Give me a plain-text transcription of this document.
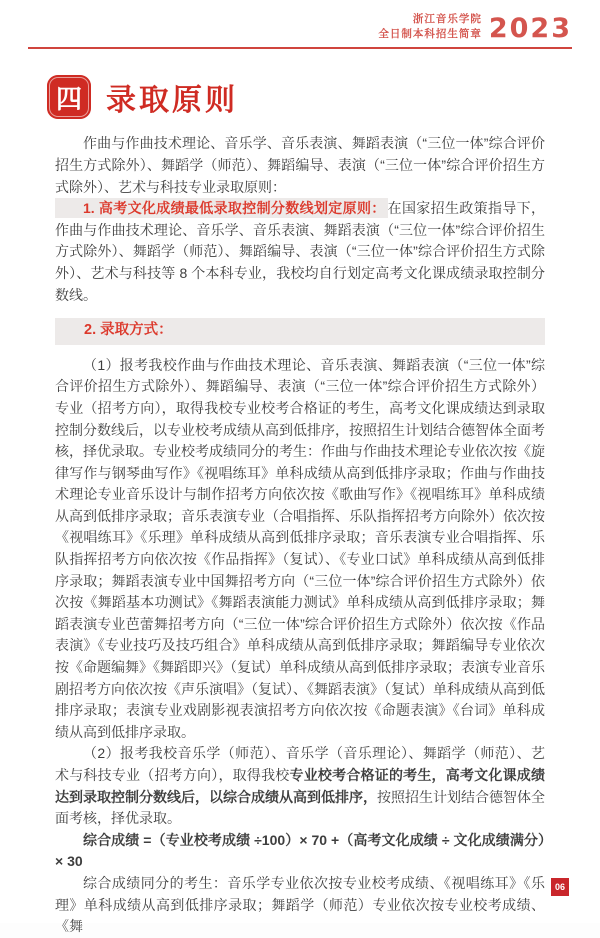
浙江音乐学院
全日制本科招生简章 2023
四 录取原则

作曲与作曲技术理论、音乐学、音乐表演、舞蹈表演（“三位一体”综合评价招生方式除外）、舞蹈学（师范）、舞蹈编导、表演（“三位一体”综合评价招生方式除外）、艺术与科技专业录取原则：

1. 高考文化成绩最低录取控制分数线划定原则： 在国家招生政策指导下，作曲与作曲技术理论、音乐学、音乐表演、舞蹈表演（“三位一体”综合评价招生方式除外）、舞蹈学（师范）、舞蹈编导、表演（“三位一体”综合评价招生方式除外）、艺术与科技等 8 个本科专业，我校均自行划定高考文化课成绩录取控制分数线。

2. 录取方式：

（1）报考我校作曲与作曲技术理论、音乐表演、舞蹈表演（“三位一体”综合评价招生方式除外）、舞蹈编导、表演（“三位一体”综合评价招生方式除外）专业（招考方向），取得我校专业校考合格证的考生，高考文化课成绩达到录取控制分数线后，以专业校考成绩从高到低排序，按照招生计划结合德智体全面考核，择优录取。专业校考成绩同分的考生：作曲与作曲技术理论专业依次按《旋律写作与钢琴曲写作》《视唱练耳》单科成绩从高到低排序录取；作曲与作曲技术理论专业音乐设计与制作招考方向依次按《歌曲写作》《视唱练耳》单科成绩从高到低排序录取；音乐表演专业（合唱指挥、乐队指挥招考方向除外）依次按《视唱练耳》《乐理》单科成绩从高到低排序录取；音乐表演专业合唱指挥、乐队指挥招考方向依次按《作品指挥》（复试）、《专业口试》单科成绩从高到低排序录取；舞蹈表演专业中国舞招考方向（“三位一体”综合评价招生方式除外）依次按《舞蹈基本功测试》《舞蹈表演能力测试》单科成绩从高到低排序录取；舞蹈表演专业芭蕾舞招考方向（“三位一体”综合评价招生方式除外）依次按《作品表演》《专业技巧及技巧组合》单科成绩从高到低排序录取；舞蹈编导专业依次按《命题编舞》《舞蹈即兴》（复试）单科成绩从高到低排序录取；表演专业音乐剧招考方向依次按《声乐演唱》（复试）、《舞蹈表演》（复试）单科成绩从高到低排序录取；表演专业戏剧影视表演招考方向依次按《命题表演》《台词》单科成绩从高到低排序录取。

（2）报考我校音乐学（师范）、音乐学（音乐理论）、舞蹈学（师范）、艺术与科技专业（招考方向），取得我校专业校考合格证的考生，高考文化课成绩达到录取控制分数线后，以综合成绩从高到低排序，按照招生计划结合德智体全面考核，择优录取。

综合成绩 =（专业校考成绩 ÷100）× 70 +（高考文化成绩 ÷ 文化成绩满分）× 30

综合成绩同分的考生：音乐学专业依次按专业校考成绩、《视唱练耳》《乐理》单科成绩从高到低排序录取；舞蹈学（师范）专业依次按专业校考成绩、《舞

06
